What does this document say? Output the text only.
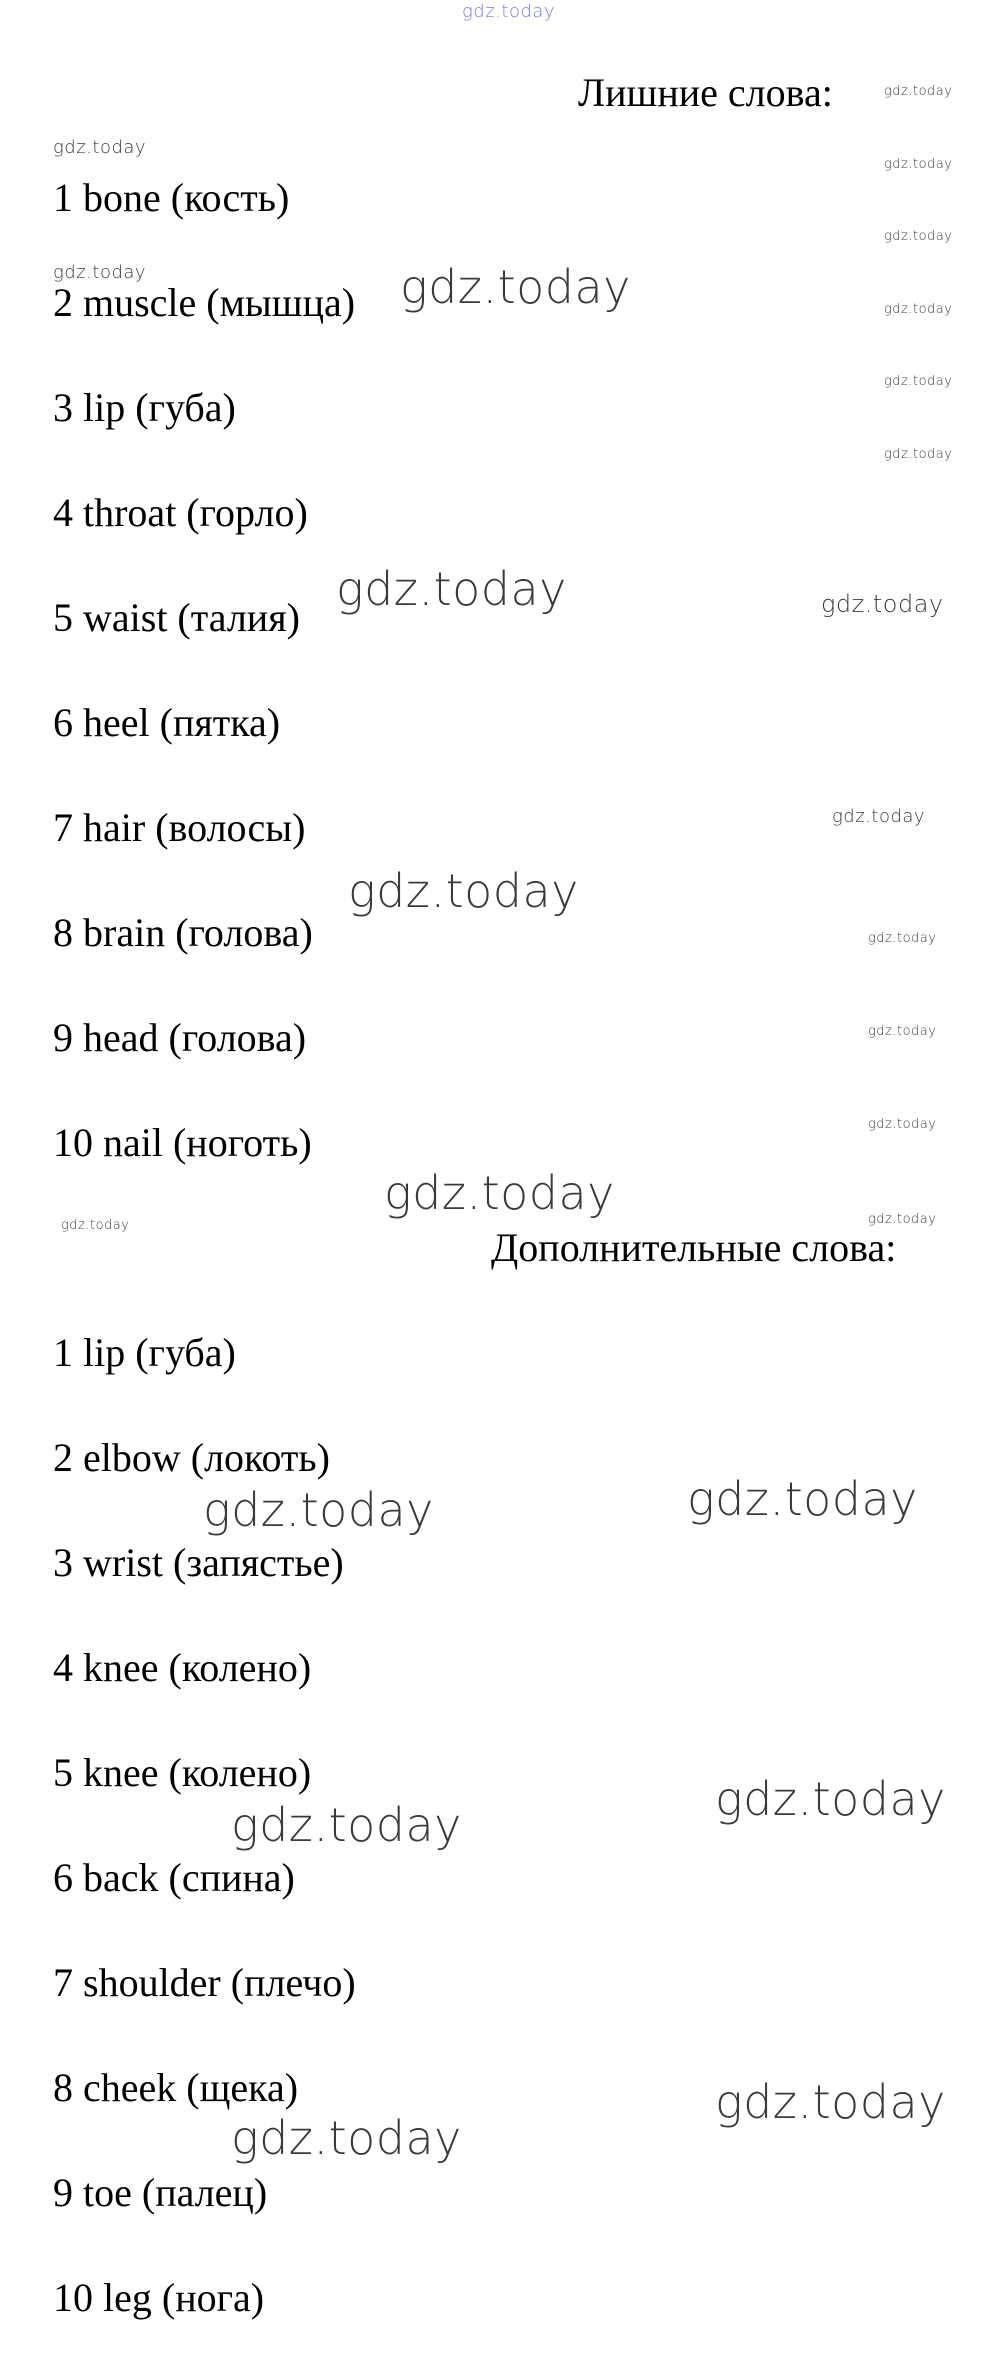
gdz.today
Лишние слова:
1 bone (кость)
2 muscle (мышца)
3 lip (губа)
4 throat (горло)
5 waist (талия)
6 heel (пятка)
7 hair (волосы)
8 brain (голова)
9 head (голова)
10 nail (ноготь)
Дополнительные слова:
1 lip (губа)
2 elbow (локоть)
3 wrist (запястье)
4 knee (колено)
5 knee (колено)
6 back (спина)
7 shoulder (плечо)
8 cheek (щека)
9 toe (палец)
10 leg (нога)
gdz.today
gdz.today
gdz.today
gdz.today
gdz.today	gdz.today	gdz.today
gdz.today
gdz.today
gdz.today	gdz.today
gdz.today
gdz.today
gdz.today
gdz.today
gdz.today
gdz.today
gdz.today	gdz.today
gdz.today
gdz.today
gdz.today
gdz.today
gdz.today
gdz.today
